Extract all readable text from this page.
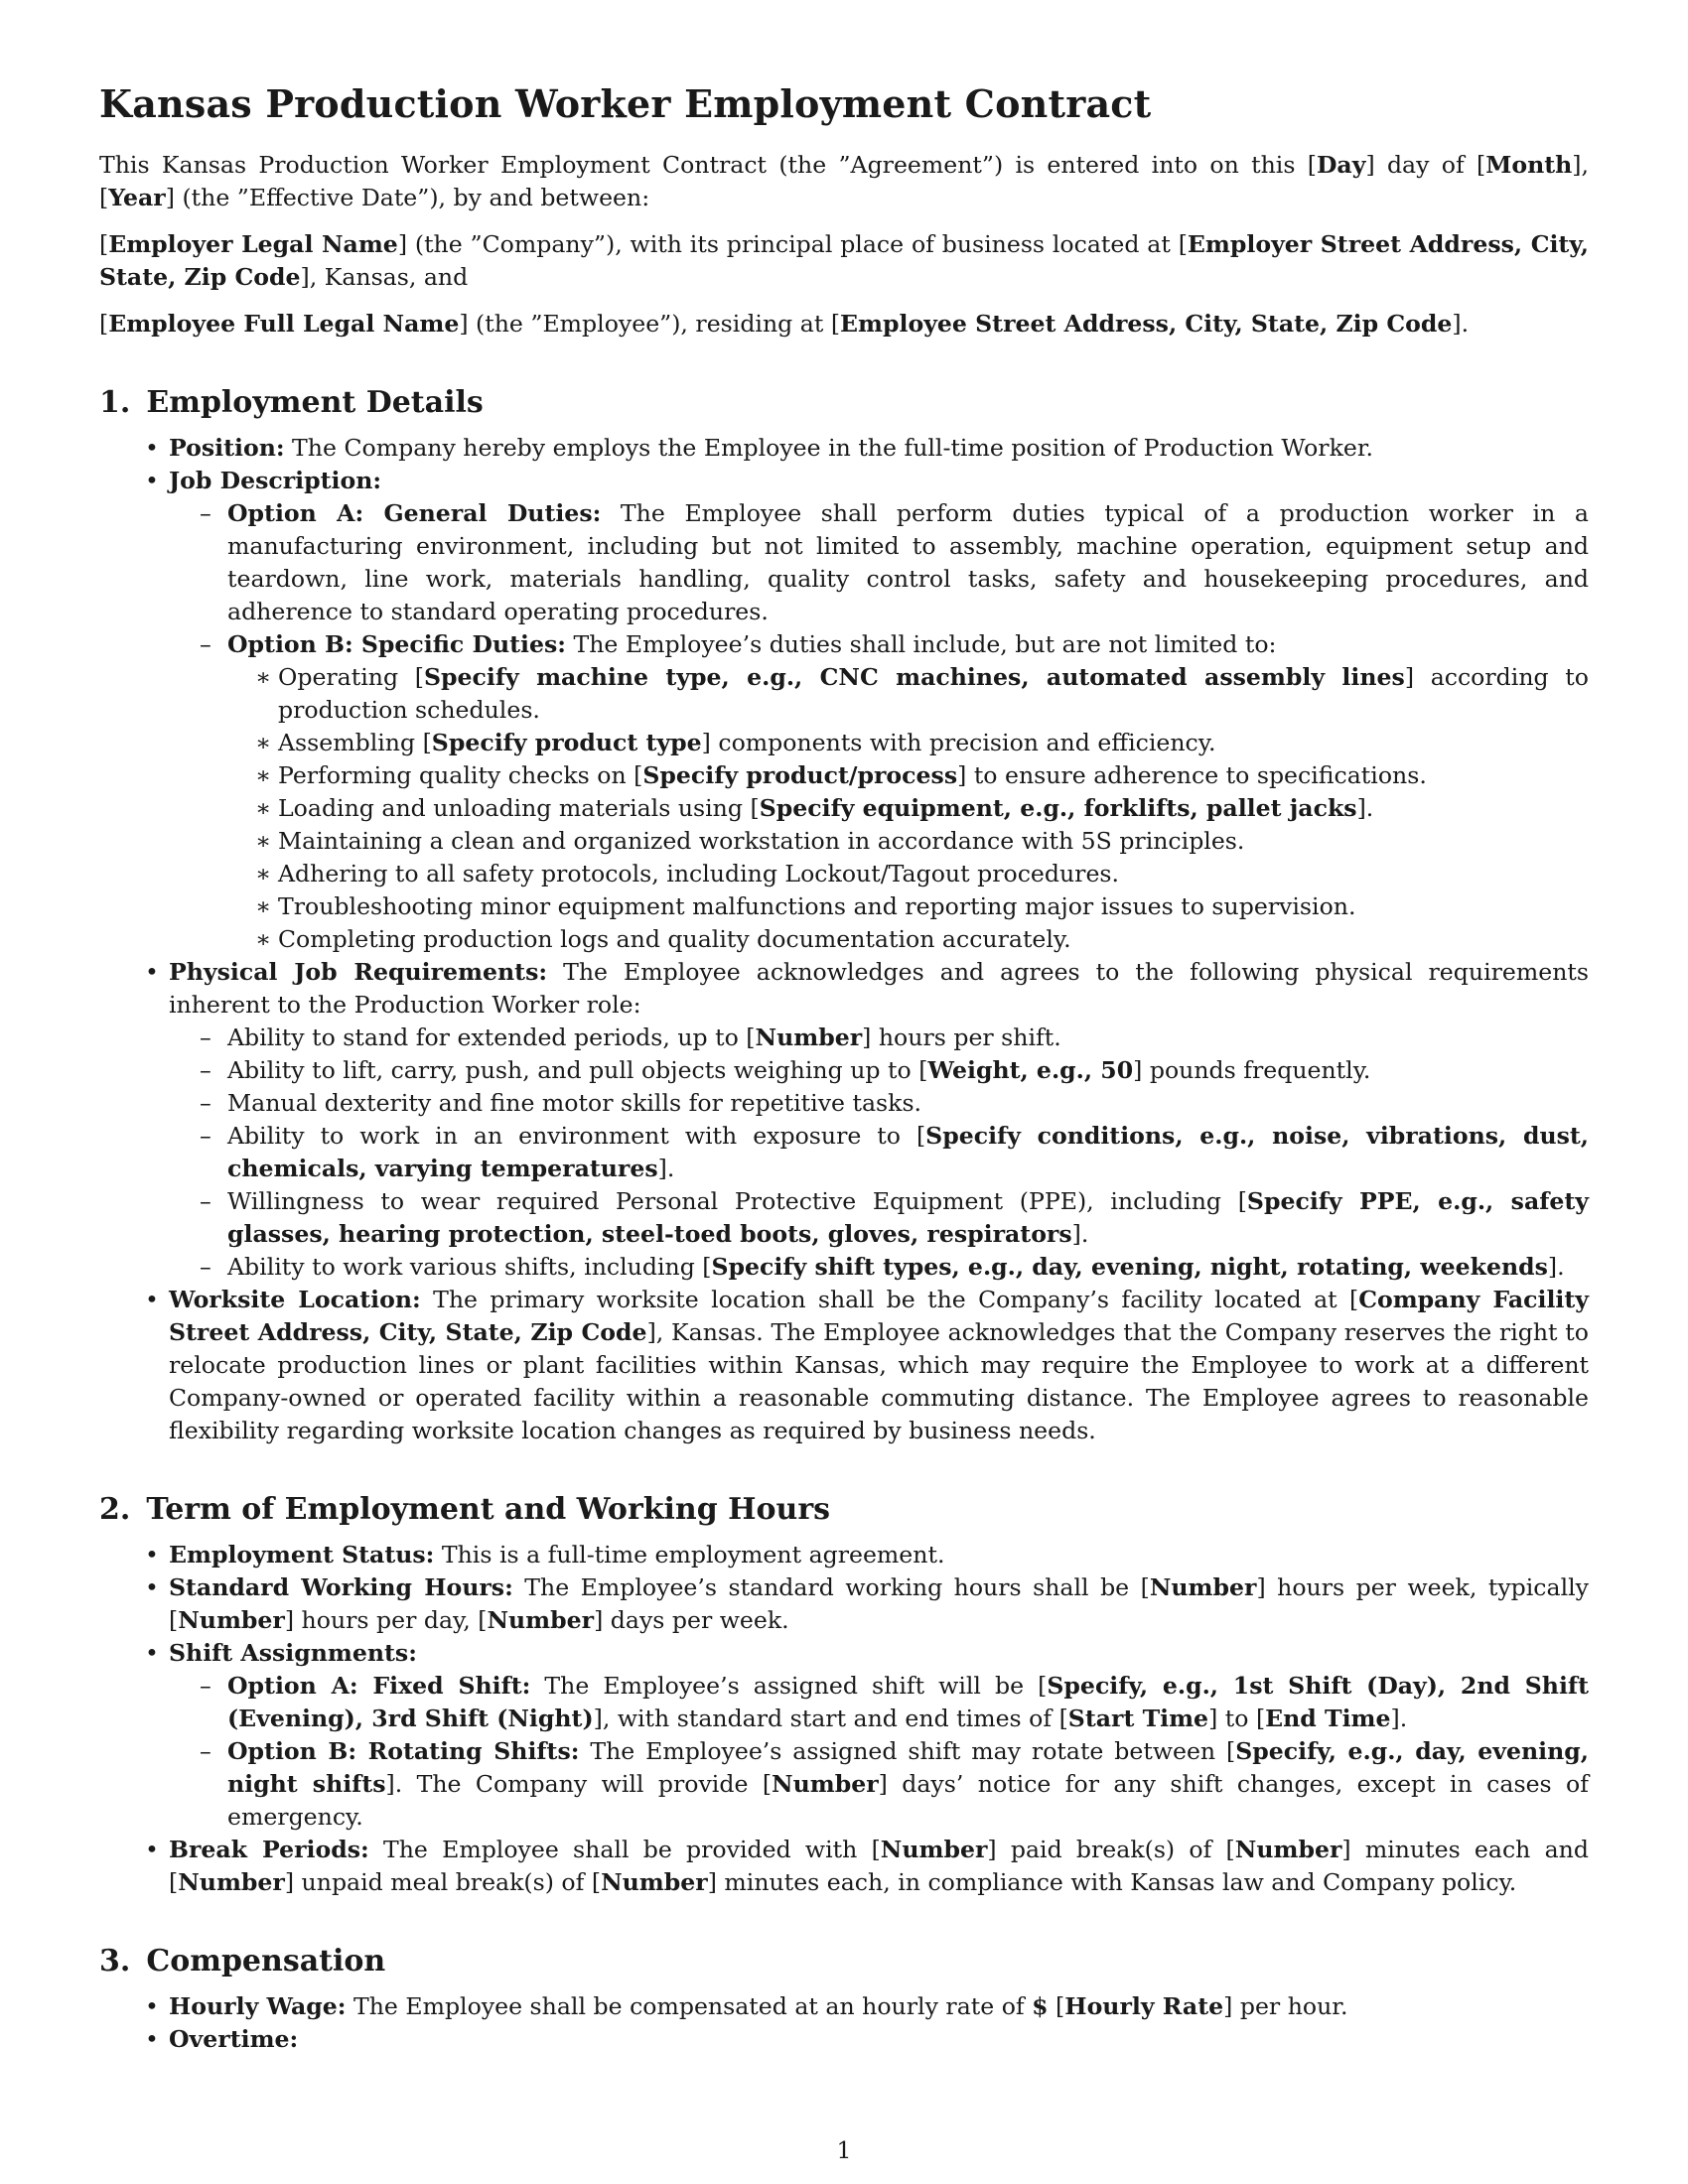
Kansas Production Worker Employment Contract

This Kansas Production Worker Employment Contract (the ”Agreement”) is entered into on this [Day] day of [Month], [Year] (the ”Effective Date”), by and between:

[Employer Legal Name] (the ”Company”), with its principal place of business located at [Employer Street Address, City, State, Zip Code], Kansas, and

[Employee Full Legal Name] (the ”Employee”), residing at [Employee Street Address, City, State, Zip Code].

1. Employment Details
• Position: The Company hereby employs the Employee in the full-time position of Production Worker.
• Job Description:
– Option A: General Duties: The Employee shall perform duties typical of a production worker in a manufacturing environment, including but not limited to assembly, machine operation, equipment setup and teardown, line work, materials handling, quality control tasks, safety and housekeeping procedures, and adherence to standard operating procedures.
– Option B: Specific Duties: The Employee’s duties shall include, but are not limited to:
∗ Operating [Specify machine type, e.g., CNC machines, automated assembly lines] according to production schedules.
∗ Assembling [Specify product type] components with precision and efficiency.
∗ Performing quality checks on [Specify product/process] to ensure adherence to specifications.
∗ Loading and unloading materials using [Specify equipment, e.g., forklifts, pallet jacks].
∗ Maintaining a clean and organized workstation in accordance with 5S principles.
∗ Adhering to all safety protocols, including Lockout/Tagout procedures.
∗ Troubleshooting minor equipment malfunctions and reporting major issues to supervision.
∗ Completing production logs and quality documentation accurately.
• Physical Job Requirements: The Employee acknowledges and agrees to the following physical requirements inherent to the Production Worker role:
– Ability to stand for extended periods, up to [Number] hours per shift.
– Ability to lift, carry, push, and pull objects weighing up to [Weight, e.g., 50] pounds frequently.
– Manual dexterity and fine motor skills for repetitive tasks.
– Ability to work in an environment with exposure to [Specify conditions, e.g., noise, vibrations, dust, chemicals, varying temperatures].
– Willingness to wear required Personal Protective Equipment (PPE), including [Specify PPE, e.g., safety glasses, hearing protection, steel-toed boots, gloves, respirators].
– Ability to work various shifts, including [Specify shift types, e.g., day, evening, night, rotating, weekends].
• Worksite Location: The primary worksite location shall be the Company’s facility located at [Company Facility Street Address, City, State, Zip Code], Kansas. The Employee acknowledges that the Company reserves the right to relocate production lines or plant facilities within Kansas, which may require the Employee to work at a different Company-owned or operated facility within a reasonable commuting distance. The Employee agrees to reasonable flexibility regarding worksite location changes as required by business needs.
2. Term of Employment and Working Hours
• Employment Status: This is a full-time employment agreement.
• Standard Working Hours: The Employee’s standard working hours shall be [Number] hours per week, typically [Number] hours per day, [Number] days per week.
• Shift Assignments:
– Option A: Fixed Shift: The Employee’s assigned shift will be [Specify, e.g., 1st Shift (Day), 2nd Shift (Evening), 3rd Shift (Night)], with standard start and end times of [Start Time] to [End Time].
– Option B: Rotating Shifts: The Employee’s assigned shift may rotate between [Specify, e.g., day, evening, night shifts]. The Company will provide [Number] days’ notice for any shift changes, except in cases of emergency.
• Break Periods: The Employee shall be provided with [Number] paid break(s) of [Number] minutes each and [Number] unpaid meal break(s) of [Number] minutes each, in compliance with Kansas law and Company policy.
3. Compensation
• Hourly Wage: The Employee shall be compensated at an hourly rate of $ [Hourly Rate] per hour.
• Overtime:
1
